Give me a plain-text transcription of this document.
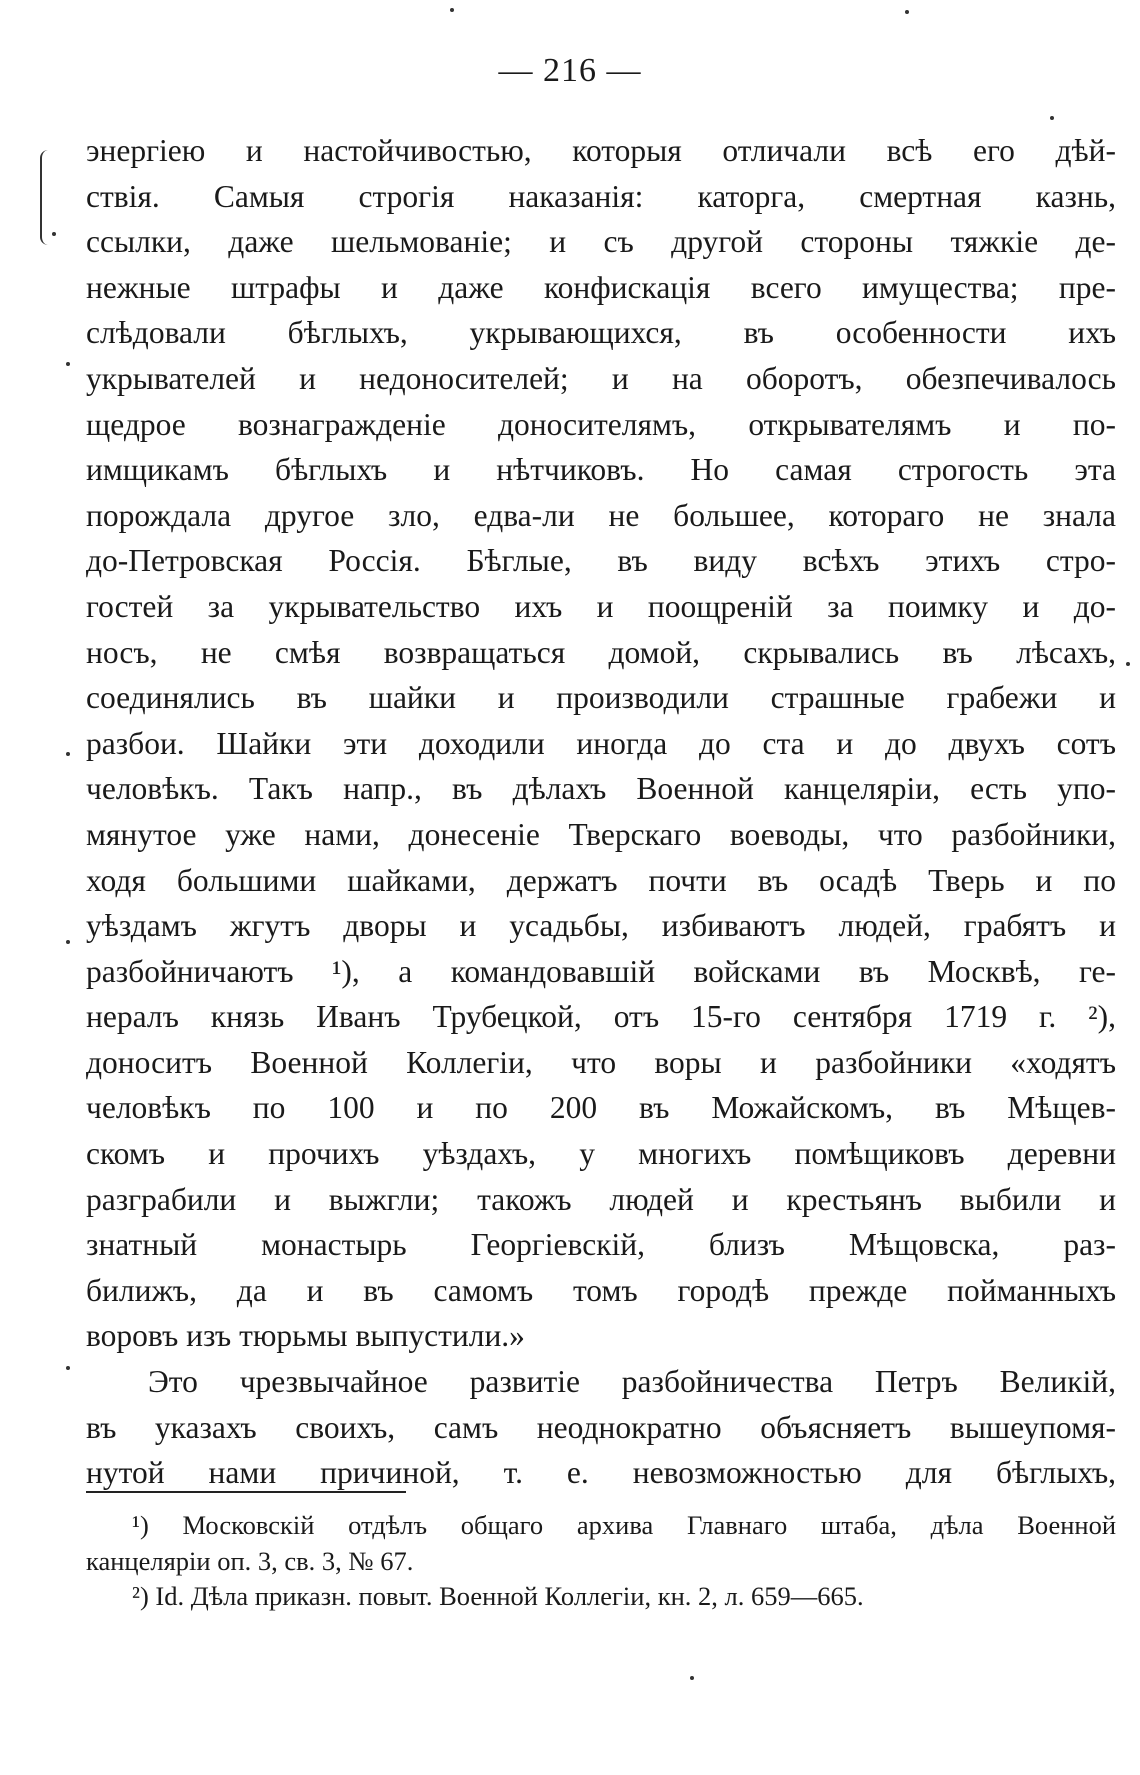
— 216 —
энергіею и настойчивостью, которыя отличали всѣ его дѣй-
ствія. Самыя строгія наказанія: каторга, смертная казнь,
ссылки, даже шельмованіе; и съ другой стороны тяжкіе де-
нежные штрафы и даже конфискація всего имущества; пре-
слѣдовали бѣглыхъ, укрывающихся, въ особенности ихъ
укрывателей и недоносителей; и на оборотъ, обезпечивалось
щедрое вознагражденіе доносителямъ, открывателямъ и по-
имщикамъ бѣглыхъ и нѣтчиковъ. Но самая строгость эта
порождала другое зло, едва-ли не большее, котораго не знала
до-Петровская Россія. Бѣглые, въ виду всѣхъ этихъ стро-
гостей за укрывательство ихъ и поощреній за поимку и до-
носъ, не смѣя возвращаться домой, скрывались въ лѣсахъ,
соединялись въ шайки и производили страшные грабежи и
разбои. Шайки эти доходили иногда до ста и до двухъ сотъ
человѣкъ. Такъ напр., въ дѣлахъ Военной канцеляріи, есть упо-
мянутое уже нами, донесеніе Тверскаго воеводы, что разбойники,
ходя большими шайками, держатъ почти въ осадѣ Тверь и по
уѣздамъ жгутъ дворы и усадьбы, избиваютъ людей, грабятъ и
разбойничаютъ ¹), а командовавшій войсками въ Москвѣ, ге-
нералъ князь Иванъ Трубецкой, отъ 15-го сентября 1719 г. ²),
доноситъ Военной Коллегіи, что воры и разбойники «ходятъ
человѣкъ по 100 и по 200 въ Можайскомъ, въ Мѣщев-
скомъ и прочихъ уѣздахъ, у многихъ помѣщиковъ деревни
разграбили и выжгли; такожъ людей и крестьянъ выбили и
знатный монастырь Георгіевскій, близъ Мѣщовска, раз-
билижъ, да и въ самомъ томъ городѣ прежде пойманныхъ
воровъ изъ тюрьмы выпустили.»
Это чрезвычайное развитіе разбойничества Петръ Великій,
въ указахъ своихъ, самъ неоднократно объясняетъ вышеупомя-
нутой нами причиной, т. е. невозможностью для бѣглыхъ,
¹) Московскій отдѣлъ общаго архива Главнаго штаба, дѣла Военной
канцеляріи оп. 3, св. 3, № 67.
²) Id. Дѣла приказн. повыт. Военной Коллегіи, кн. 2, л. 659—665.
